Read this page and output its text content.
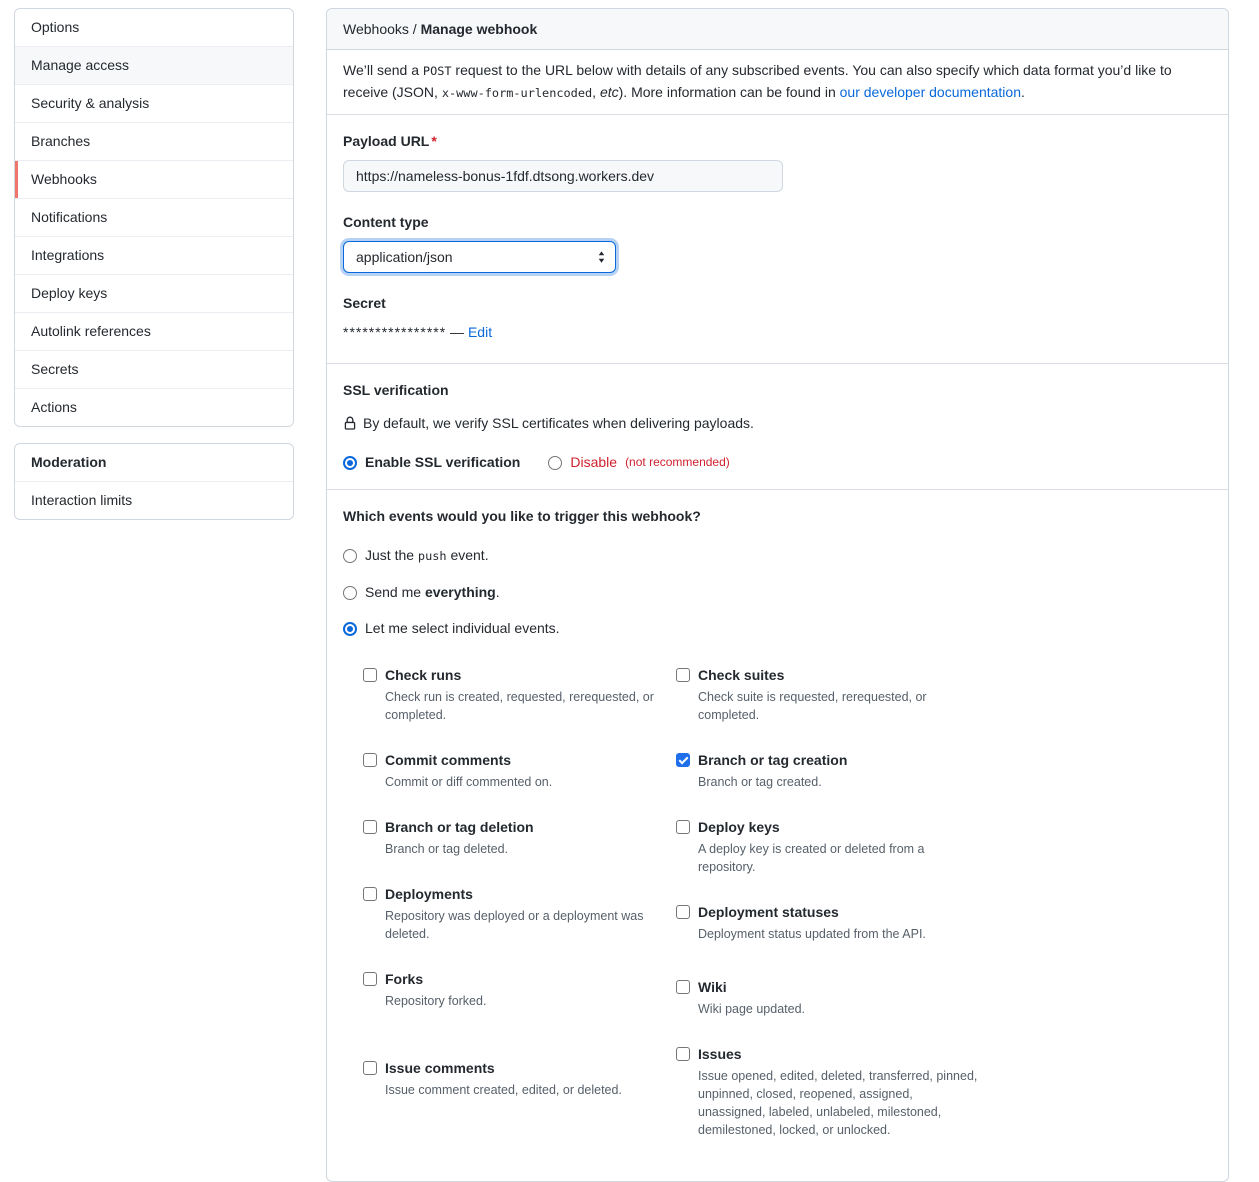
Options
Manage access
Security & analysis
Branches
Webhooks
Notifications
Integrations
Deploy keys
Autolink references
Secrets
Actions
Moderation
Interaction limits
Webhooks / Manage webhook

We’ll send a POST request to the URL below with details of any subscribed events. You can also specify which data format you’d like to receive (JSON, x-www-form-urlencoded, etc). More information can be found in our developer documentation.

Payload URL *
https://nameless-bonus-1fdf.dtsong.workers.dev
Content type
application/json
Secret
**************** — Edit

SSL verification

By default, we verify SSL certificates when delivering payloads.

Enable SSL verification	Disable (not recommended)

Which events would you like to trigger this webhook?

Just the push event.
Send me everything.
Let me select individual events.
Check runs

Check run is created, requested, rerequested, or completed.

Commit comments

Commit or diff commented on.

Branch or tag deletion

Branch or tag deleted.

Deployments

Repository was deployed or a deployment was deleted.

Forks

Repository forked.

Issue comments

Issue comment created, edited, or deleted.

Check suites

Check suite is requested, rerequested, or completed.

Branch or tag creation

Branch or tag created.

Deploy keys

A deploy key is created or deleted from a repository.

Deployment statuses

Deployment status updated from the API.

Wiki

Wiki page updated.

Issues

Issue opened, edited, deleted, transferred, pinned, unpinned, closed, reopened, assigned, unassigned, labeled, unlabeled, milestoned, demilestoned, locked, or unlocked.
